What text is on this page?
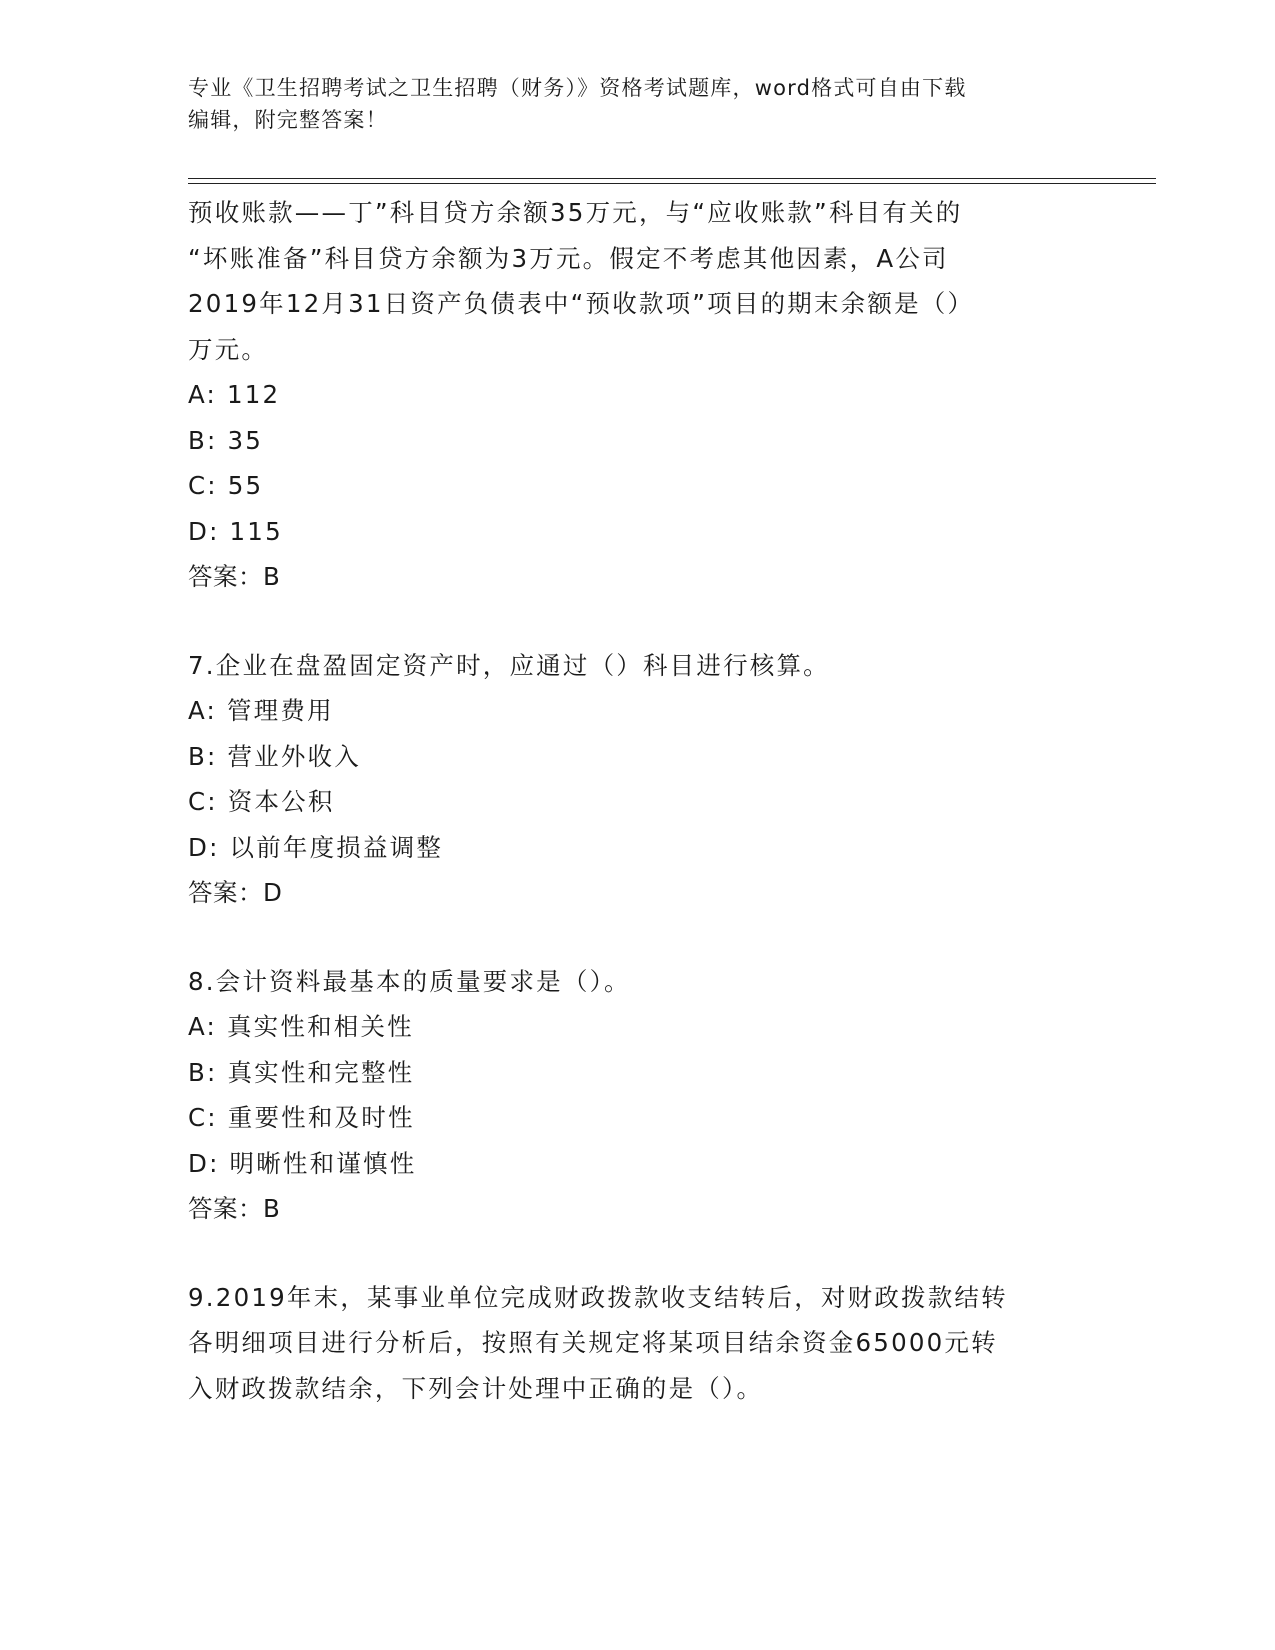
专业《卫生招聘考试之卫生招聘（财务）》资格考试题库，word格式可自由下载
编辑，附完整答案！
预收账款——丁”科目贷方余额35万元，与“应收账款”科目有关的
“坏账准备”科目贷方余额为3万元。假定不考虑其他因素，A公司
2019年12月31日资产负债表中“预收款项”项目的期末余额是（）
万元。
A: 112
B: 35
C: 55
D: 115
答案：B
7.企业在盘盈固定资产时，应通过（）科目进行核算。
A: 管理费用
B: 营业外收入
C: 资本公积
D: 以前年度损益调整
答案：D
8.会计资料最基本的质量要求是（）。
A: 真实性和相关性
B: 真实性和完整性
C: 重要性和及时性
D: 明晰性和谨慎性
答案：B
9.2019年末，某事业单位完成财政拨款收支结转后，对财政拨款结转
各明细项目进行分析后，按照有关规定将某项目结余资金65000元转
入财政拨款结余，下列会计处理中正确的是（）。
